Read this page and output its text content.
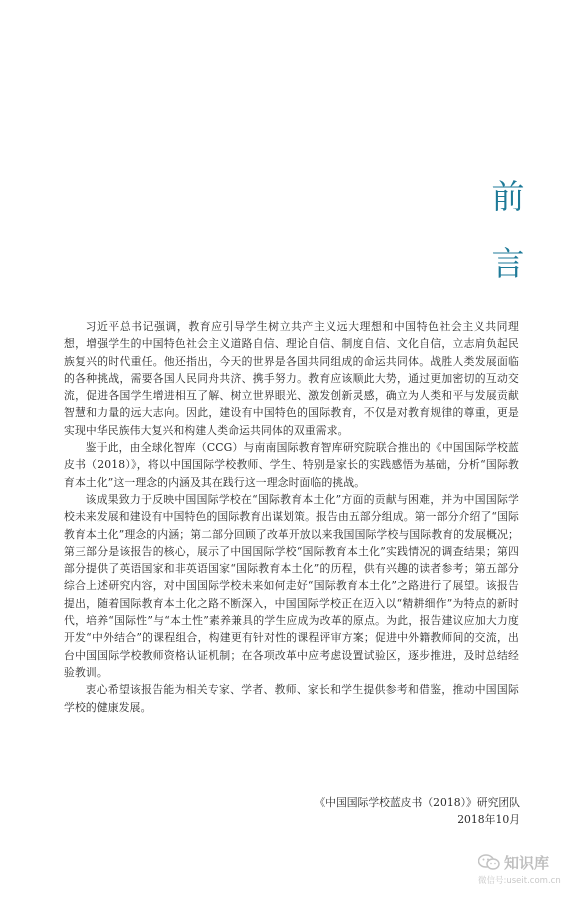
前
言

习近平总书记强调，教育应引导学生树立共产主义远大理想和中国特色社会主义共同理想，增强学生的中国特色社会主义道路自信、理论自信、制度自信、文化自信，立志肩负起民族复兴的时代重任。他还指出，今天的世界是各国共同组成的命运共同体。战胜人类发展面临的各种挑战，需要各国人民同舟共济、携手努力。教育应该顺此大势，通过更加密切的互动交流，促进各国学生增进相互了解、树立世界眼光、激发创新灵感，确立为人类和平与发展贡献智慧和力量的远大志向。因此，建设有中国特色的国际教育，不仅是对教育规律的尊重，更是实现中华民族伟大复兴和构建人类命运共同体的双重需求。

鉴于此，由全球化智库（CCG）与南南国际教育智库研究院联合推出的《中国国际学校蓝皮书（2018）》，将以中国国际学校教师、学生、特别是家长的实践感悟为基础，分析“国际教育本土化”这一理念的内涵及其在践行这一理念时面临的挑战。

该成果致力于反映中国国际学校在“国际教育本土化”方面的贡献与困难，并为中国国际学校未来发展和建设有中国特色的国际教育出谋划策。报告由五部分组成。第一部分介绍了“国际教育本土化”理念的内涵；第二部分回顾了改革开放以来我国国际学校与国际教育的发展概况；第三部分是该报告的核心，展示了中国国际学校“国际教育本土化”实践情况的调查结果；第四部分提供了英语国家和非英语国家“国际教育本土化”的历程，供有兴趣的读者参考；第五部分综合上述研究内容，对中国国际学校未来如何走好“国际教育本土化”之路进行了展望。该报告提出，随着国际教育本土化之路不断深入，中国国际学校正在迈入以“精耕细作”为特点的新时代，培养“国际性”与“本土性”素养兼具的学生应成为改革的原点。为此，报告建议应加大力度开发“中外结合”的课程组合，构建更有针对性的课程评审方案；促进中外籍教师间的交流，出台中国国际学校教师资格认证机制；在各项改革中应考虑设置试验区，逐步推进，及时总结经验教训。

衷心希望该报告能为相关专家、学者、教师、家长和学生提供参考和借鉴，推动中国国际学校的健康发展。

《中国国际学校蓝皮书（2018）》研究团队
2018年10月
知识库
微信号:useit.com.cn
